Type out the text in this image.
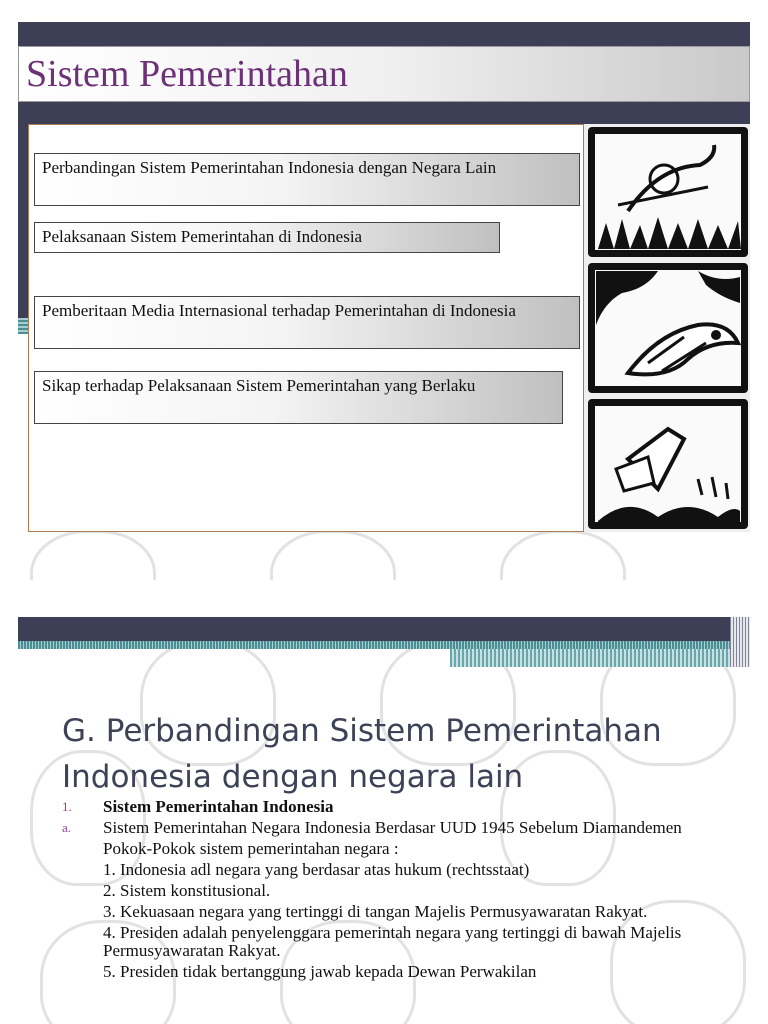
Sistem Pemerintahan
Perbandingan Sistem Pemerintahan Indonesia dengan Negara Lain
Pelaksanaan Sistem Pemerintahan di Indonesia
Pemberitaan Media Internasional terhadap Pemerintahan di Indonesia
Sikap terhadap Pelaksanaan Sistem Pemerintahan yang Berlaku
G. Perbandingan Sistem Pemerintahan Indonesia dengan negara lain
1.	Sistem Pemerintahan Indonesia
a.	Sistem Pemerintahan Negara Indonesia Berdasar UUD 1945 Sebelum Diamandemen
Pokok-Pokok sistem pemerintahan negara :
1. Indonesia adl negara yang berdasar atas hukum (rechtsstaat)
2. Sistem konstitusional.
3. Kekuasaan negara yang tertinggi di tangan Majelis Permusyawaratan Rakyat.
4. Presiden adalah penyelenggara pemerintah negara yang tertinggi di bawah Majelis Permusyawaratan Rakyat.
5. Presiden tidak bertanggung jawab kepada Dewan Perwakilan
